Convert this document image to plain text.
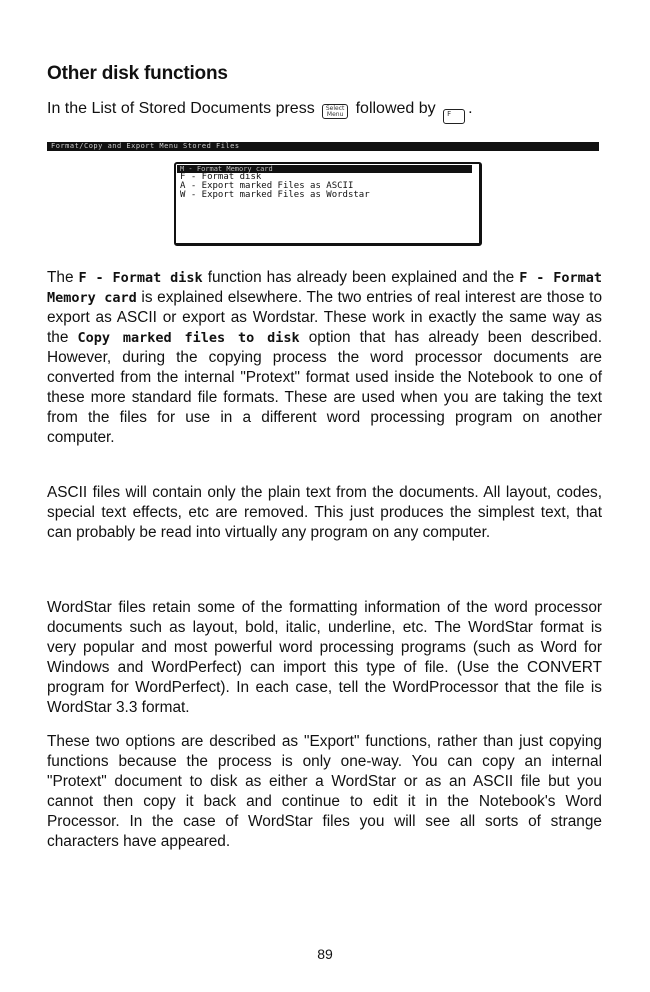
Other disk functions

In the List of Stored Documents press Select
Menu followed by F .

Format/Copy and Export Menu Stored Files
M - Format Memory card
F - Format disk
A - Export marked Files as ASCII
W - Export marked Files as Wordstar

The F - Format disk function has already been explained and the F - Format Memory card is explained elsewhere. The two entries of real interest are those to export as ASCII or export as Wordstar. These work in exactly the same way as the Copy marked files to disk option that has already been described. However, during the copying process the word processor documents are converted from the internal "Protext" format used inside the Notebook to one of these more standard file formats. These are used when you are taking the text from the files for use in a different word processing program on another computer.

ASCII files will contain only the plain text from the documents. All layout, codes, special text effects, etc are removed. This just produces the simplest text, that can probably be read into virtually any program on any computer.

WordStar files retain some of the formatting information of the word processor documents such as layout, bold, italic, underline, etc. The WordStar format is very popular and most powerful word processing programs (such as Word for Windows and WordPerfect) can import this type of file. (Use the CONVERT program for WordPerfect). In each case, tell the WordProcessor that the file is WordStar 3.3 format.

These two options are described as "Export" functions, rather than just copying functions because the process is only one-way. You can copy an internal "Protext" document to disk as either a WordStar or as an ASCII file but you cannot then copy it back and continue to edit it in the Notebook's Word Processor. In the case of WordStar files you will see all sorts of strange characters have appeared.

89
